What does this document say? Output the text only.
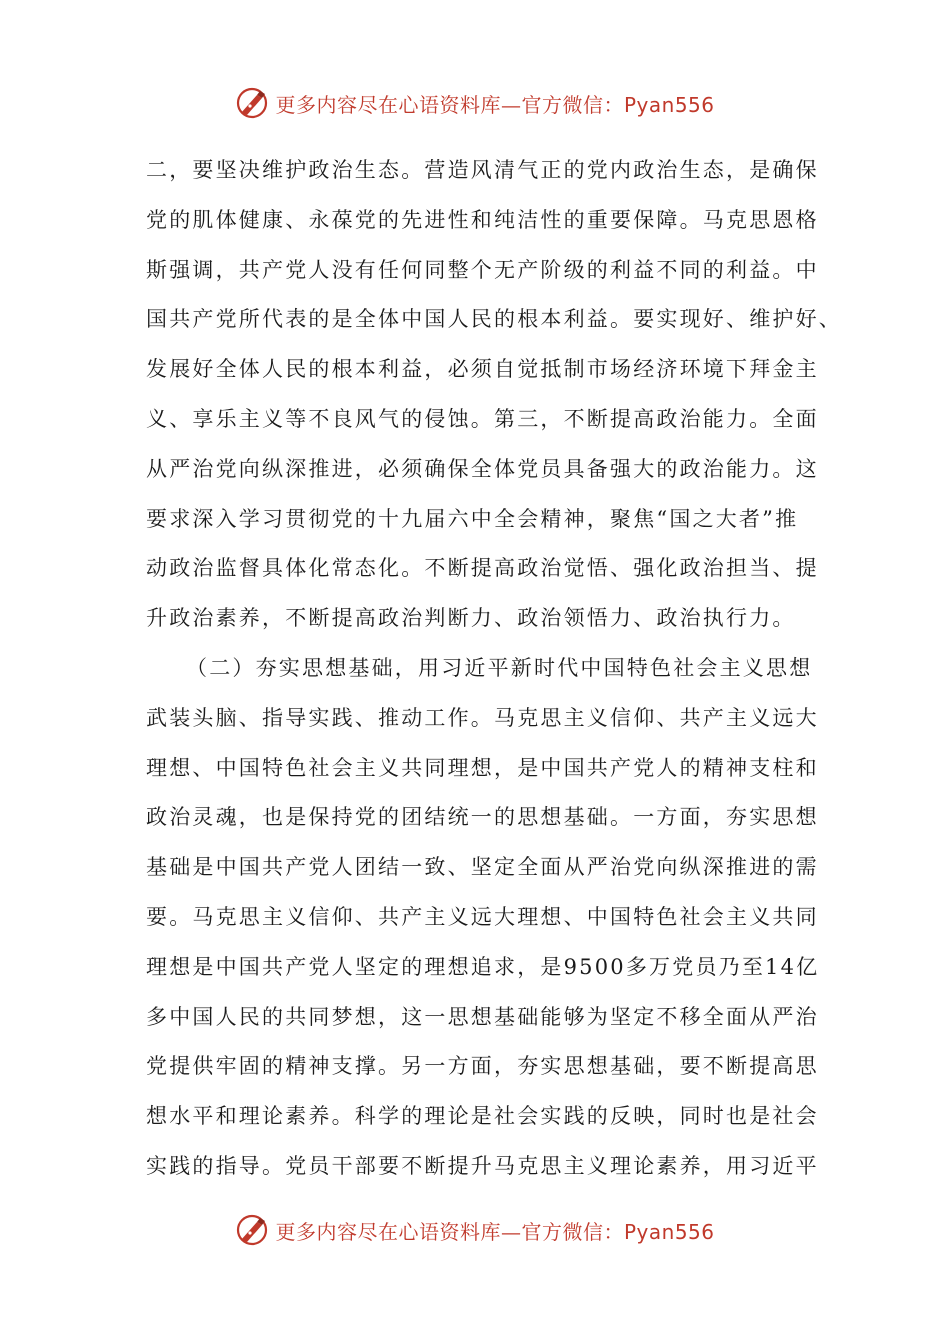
更多内容尽在心语资料库—官方微信：Pyan556
二，要坚决维护政治生态。营造风清气正的党内政治生态，是确保
党的肌体健康、永葆党的先进性和纯洁性的重要保障。马克思恩格
斯强调，共产党人没有任何同整个无产阶级的利益不同的利益。中
国共产党所代表的是全体中国人民的根本利益。要实现好、维护好、
发展好全体人民的根本利益，必须自觉抵制市场经济环境下拜金主
义、享乐主义等不良风气的侵蚀。第三，不断提高政治能力。全面
从严治党向纵深推进，必须确保全体党员具备强大的政治能力。这
要求深入学习贯彻党的十九届六中全会精神，聚焦“国之大者”推
动政治监督具体化常态化。不断提高政治觉悟、强化政治担当、提
升政治素养，不断提高政治判断力、政治领悟力、政治执行力。
（二）夯实思想基础，用习近平新时代中国特色社会主义思想
武装头脑、指导实践、推动工作。马克思主义信仰、共产主义远大
理想、中国特色社会主义共同理想，是中国共产党人的精神支柱和
政治灵魂，也是保持党的团结统一的思想基础。一方面，夯实思想
基础是中国共产党人团结一致、坚定全面从严治党向纵深推进的需
要。马克思主义信仰、共产主义远大理想、中国特色社会主义共同
理想是中国共产党人坚定的理想追求，是9500多万党员乃至14亿
多中国人民的共同梦想，这一思想基础能够为坚定不移全面从严治
党提供牢固的精神支撑。另一方面，夯实思想基础，要不断提高思
想水平和理论素养。科学的理论是社会实践的反映，同时也是社会
实践的指导。党员干部要不断提升马克思主义理论素养，用习近平
更多内容尽在心语资料库—官方微信：Pyan556
